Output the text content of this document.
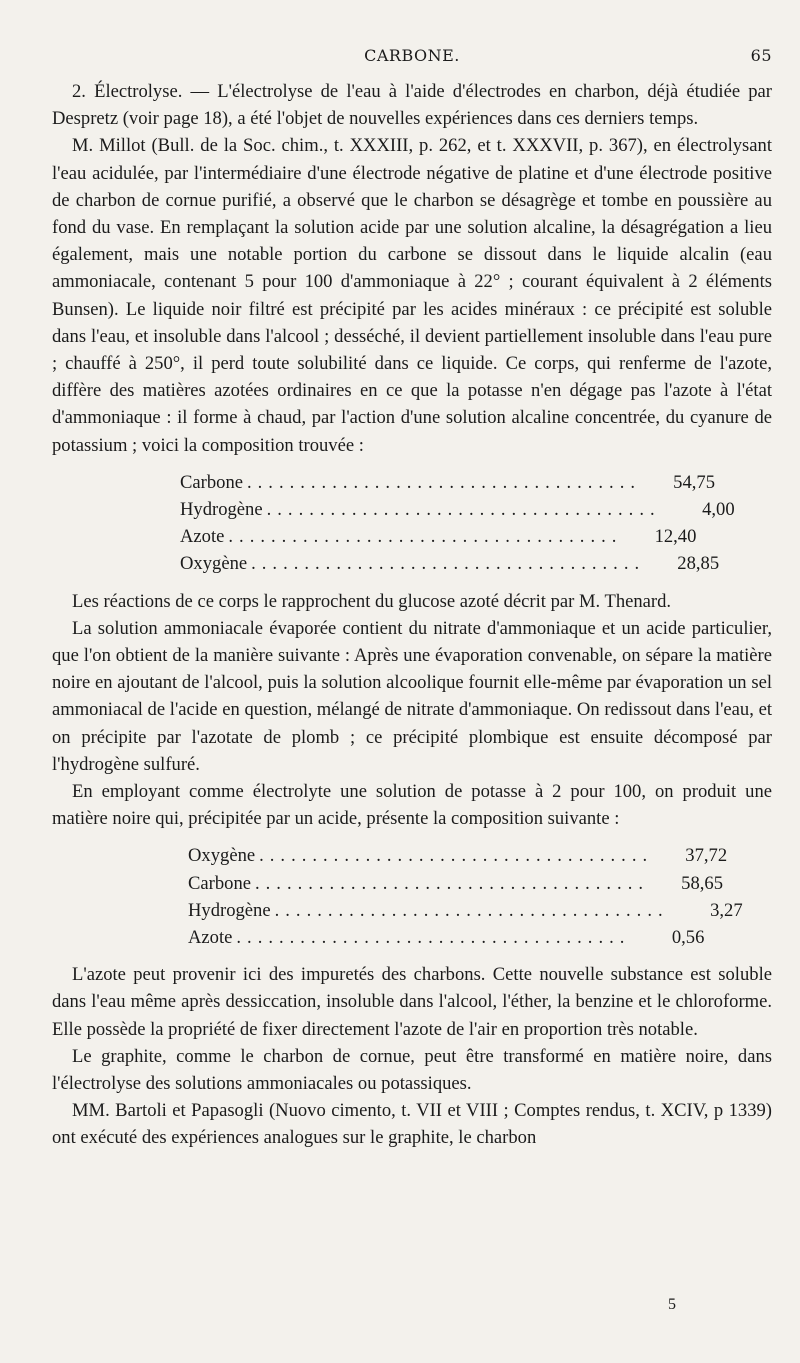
CARBONE.	65

2. Électrolyse. — L'électrolyse de l'eau à l'aide d'électrodes en charbon, déjà étudiée par Despretz (voir page 18), a été l'objet de nouvelles expériences dans ces derniers temps.

M. Millot (Bull. de la Soc. chim., t. XXXIII, p. 262, et t. XXXVII, p. 367), en électrolysant l'eau acidulée, par l'intermédiaire d'une électrode négative de platine et d'une électrode positive de charbon de cornue purifié, a observé que le charbon se désagrège et tombe en poussière au fond du vase. En remplaçant la solution acide par une solution alcaline, la désagrégation a lieu également, mais une notable portion du carbone se dissout dans le liquide alcalin (eau ammoniacale, contenant 5 pour 100 d'ammoniaque à 22° ; courant équivalent à 2 éléments Bunsen). Le liquide noir filtré est précipité par les acides minéraux : ce précipité est soluble dans l'eau, et insoluble dans l'alcool ; desséché, il devient partiellement insoluble dans l'eau pure ; chauffé à 250°, il perd toute solubilité dans ce liquide. Ce corps, qui renferme de l'azote, diffère des matières azotées ordinaires en ce que la potasse n'en dégage pas l'azote à l'état d'ammoniaque : il forme à chaud, par l'action d'une solution alcaline concentrée, du cyanure de potassium ; voici la composition trouvée :

Carbone .....................................	54,75
Hydrogène .....................................	4,00
Azote .....................................	12,40
Oxygène .....................................	28,85

Les réactions de ce corps le rapprochent du glucose azoté décrit par M. Thenard.

La solution ammoniacale évaporée contient du nitrate d'ammoniaque et un acide particulier, que l'on obtient de la manière suivante : Après une évaporation convenable, on sépare la matière noire en ajoutant de l'alcool, puis la solution alcoolique fournit elle-même par évaporation un sel ammoniacal de l'acide en question, mélangé de nitrate d'ammoniaque. On redissout dans l'eau, et on précipite par l'azotate de plomb ; ce précipité plombique est ensuite décomposé par l'hydrogène sulfuré.

En employant comme électrolyte une solution de potasse à 2 pour 100, on produit une matière noire qui, précipitée par un acide, présente la composition suivante :

Oxygène .....................................	37,72
Carbone .....................................	58,65
Hydrogène .....................................	3,27
Azote .....................................	0,56

L'azote peut provenir ici des impuretés des charbons. Cette nouvelle substance est soluble dans l'eau même après dessiccation, insoluble dans l'alcool, l'éther, la benzine et le chloroforme. Elle possède la propriété de fixer directement l'azote de l'air en proportion très notable.

Le graphite, comme le charbon de cornue, peut être transformé en matière noire, dans l'électrolyse des solutions ammoniacales ou potassiques.

MM. Bartoli et Papasogli (Nuovo cimento, t. VII et VIII ; Comptes rendus, t. XCIV, p 1339) ont exécuté des expériences analogues sur le graphite, le charbon

5
